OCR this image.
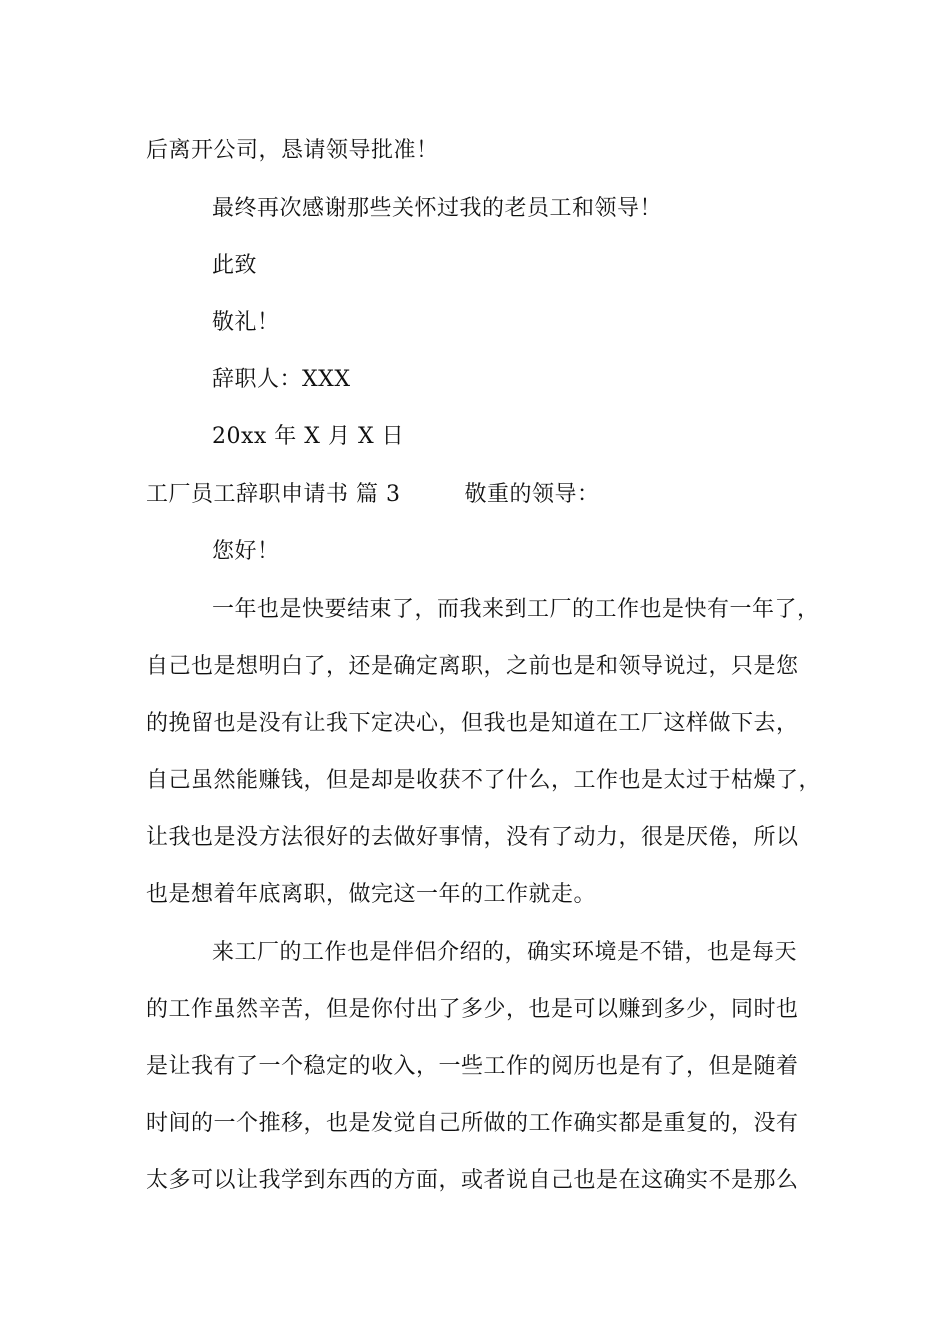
后离开公司，恳请领导批准！
最终再次感谢那些关怀过我的老员工和领导！
此致
敬礼！
辞职人：XXX
20xx 年 X 月 X 日
工厂员工辞职申请书 篇 3	敬重的领导：
您好！
一年也是快要结束了，而我来到工厂的工作也是快有一年了，
自己也是想明白了，还是确定离职，之前也是和领导说过，只是您
的挽留也是没有让我下定决心，但我也是知道在工厂这样做下去，
自己虽然能赚钱，但是却是收获不了什么，工作也是太过于枯燥了，
让我也是没方法很好的去做好事情，没有了动力，很是厌倦，所以
也是想着年底离职，做完这一年的工作就走。
来工厂的工作也是伴侣介绍的，确实环境是不错，也是每天
的工作虽然辛苦，但是你付出了多少，也是可以赚到多少，同时也
是让我有了一个稳定的收入，一些工作的阅历也是有了，但是随着
时间的一个推移，也是发觉自己所做的工作确实都是重复的，没有
太多可以让我学到东西的方面，或者说自己也是在这确实不是那么
